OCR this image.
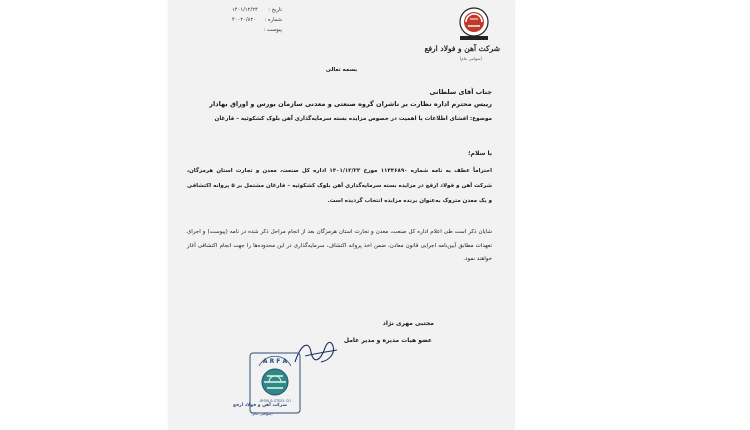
تاریخ :
۱۴۰۱/۱۲/۲۴
شماره :
۴۰۰۲۰/۸۲۰
پیوست :
شرکت آهن و فولاد ارفع
(سهامی عام)
بسمه تعالی
جناب آقای سلطانی
رییس محترم اداره نظارت بر ناشران گروه صنعتی و معدنی سازمان بورس و اوراق بهادار
موضوع: افشای اطلاعات با اهمیت در خصوص مزایده بسته سرمایه‌گذاری آهن بلوک کشکوئیه – فارغان
با سلام؛
احتراماً عطف به نامه شماره ۱۱۴۴۶۸۹۰ مورخ ۱۴۰۱/۱۲/۲۳ اداره کل صنعت، معدن و تجارت استان هرمزگان، شرکت آهن و فولاد ارفع در مزایده بسته سرمایه‌گذاری آهن بلوک کشکوئیه – فارغان مشتمل بر ۵ پروانه اکتشافی و یک معدن متروک به‌عنوان برنده مزایده انتخاب گردیده است.
شایان ذکر است طی اعلام اداره کل صنعت، معدن و تجارت استان هرمزگان بعد از انجام مراحل ذکر شده در نامه (پیوست) و اجرای تعهدات مطابق آیین‌نامه اجرایی قانون معادن، ضمن اخذ پروانه اکتشاف، سرمایه‌گذاری در این محدوده‌ها را جهت انجام اکتشافی آغاز خواهند نمود.
مجتبی مهری نژاد
عضو هیات مدیره و مدیر عامل
A R F A
IRON & STEEL CO.
شرکت آهن و فولاد ارفع
(سهامی عام)
